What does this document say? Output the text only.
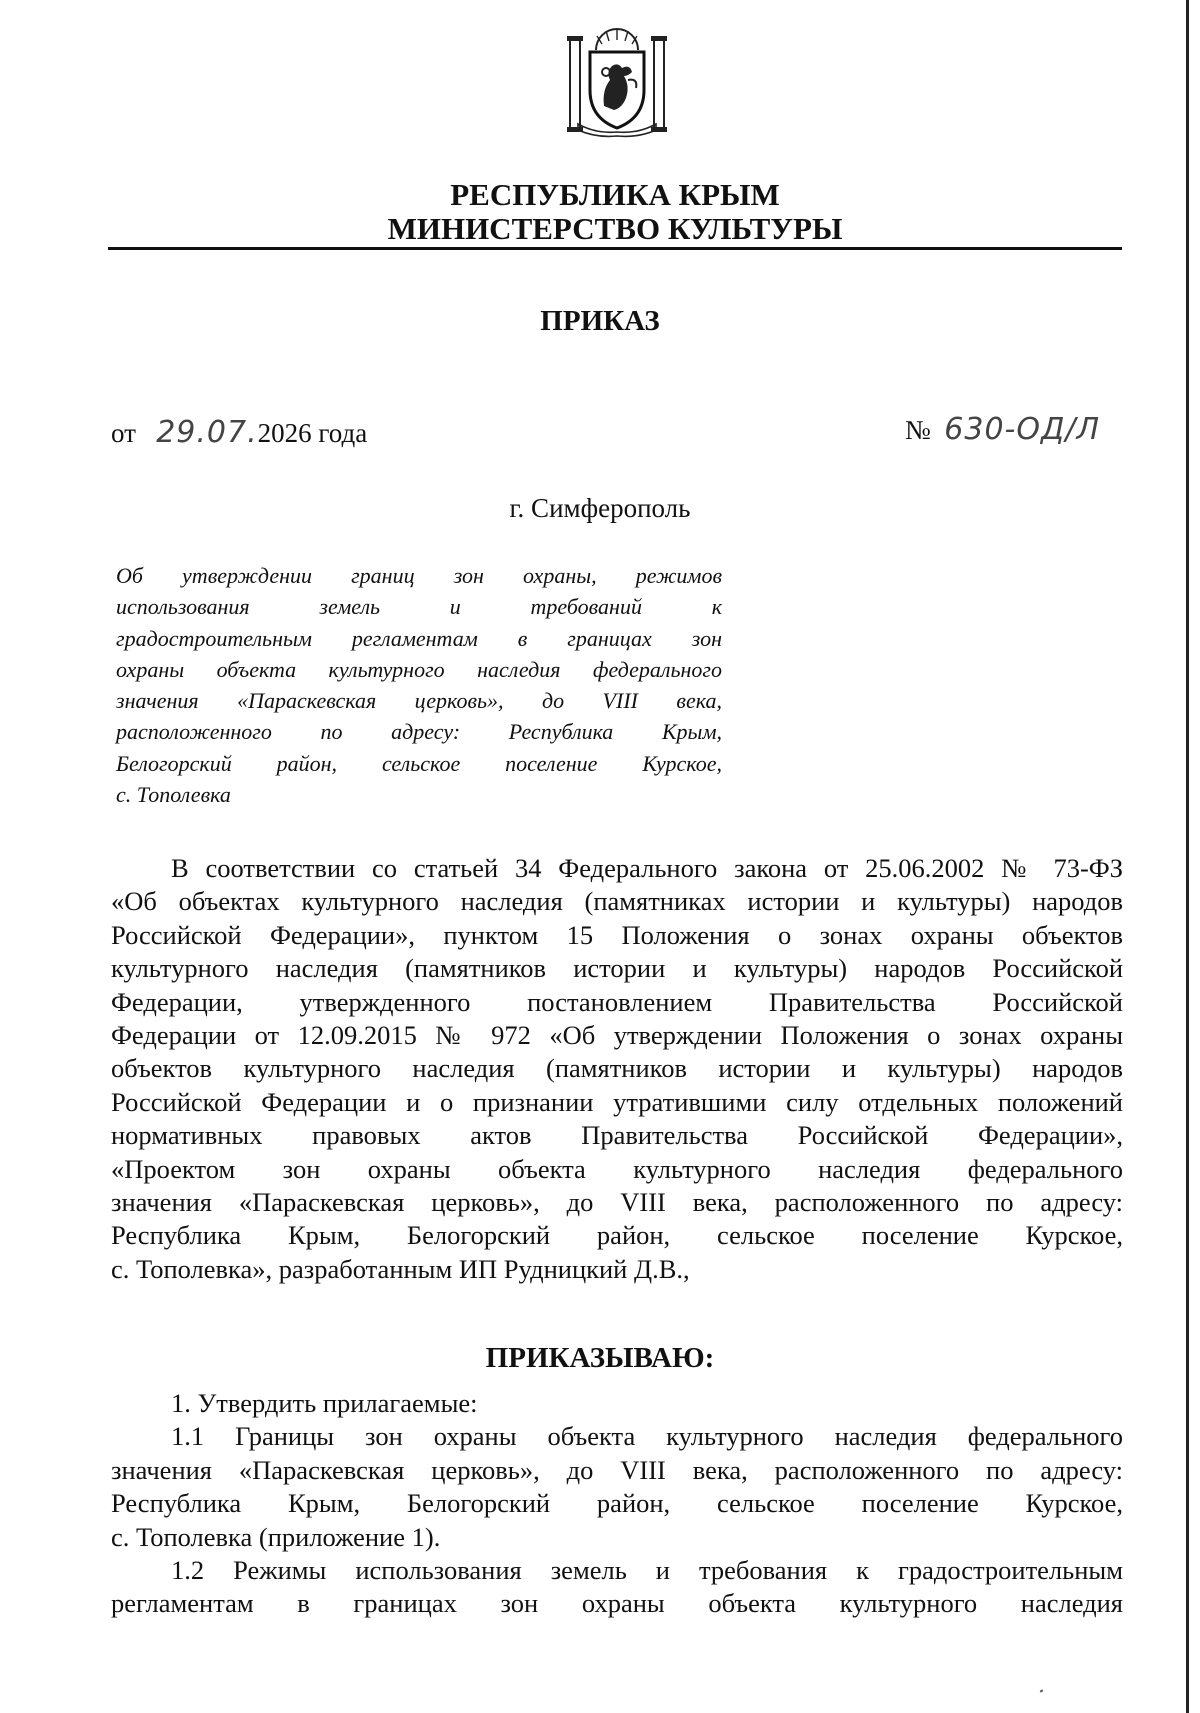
РЕСПУБЛИКА КРЫМ
МИНИСТЕРСТВО КУЛЬТУРЫ
ПРИКАЗ
от 29.07.2026 года	№ 630-ОД/Л
г. Симферополь
Об утверждении границ зон охраны, режимов
использования земель и требований к
градостроительным регламентам в границах зон
охраны объекта культурного наследия федерального
значения «Параскевская церковь», до VIII века,
расположенного по адресу: Республика Крым,
Белогорский район, сельское поселение Курское,
с. Тополевка
В соответствии со статьей 34 Федерального закона от 25.06.2002 № 73-ФЗ
«Об объектах культурного наследия (памятниках истории и культуры) народов
Российской Федерации», пунктом 15 Положения о зонах охраны объектов
культурного наследия (памятников истории и культуры) народов Российской
Федерации, утвержденного постановлением Правительства Российской
Федерации от 12.09.2015 № 972 «Об утверждении Положения о зонах охраны
объектов культурного наследия (памятников истории и культуры) народов
Российской Федерации и о признании утратившими силу отдельных положений
нормативных правовых актов Правительства Российской Федерации»,
«Проектом зон охраны объекта культурного наследия федерального
значения «Параскевская церковь», до VIII века, расположенного по адресу:
Республика Крым, Белогорский район, сельское поселение Курское,
с. Тополевка», разработанным ИП Рудницкий Д.В.,
ПРИКАЗЫВАЮ:
1. Утвердить прилагаемые:
1.1 Границы зон охраны объекта культурного наследия федерального
значения «Параскевская церковь», до VIII века, расположенного по адресу:
Республика Крым, Белогорский район, сельское поселение Курское,
с. Тополевка (приложение 1).
1.2 Режимы использования земель и требования к градостроительным
регламентам в границах зон охраны объекта культурного наследия
